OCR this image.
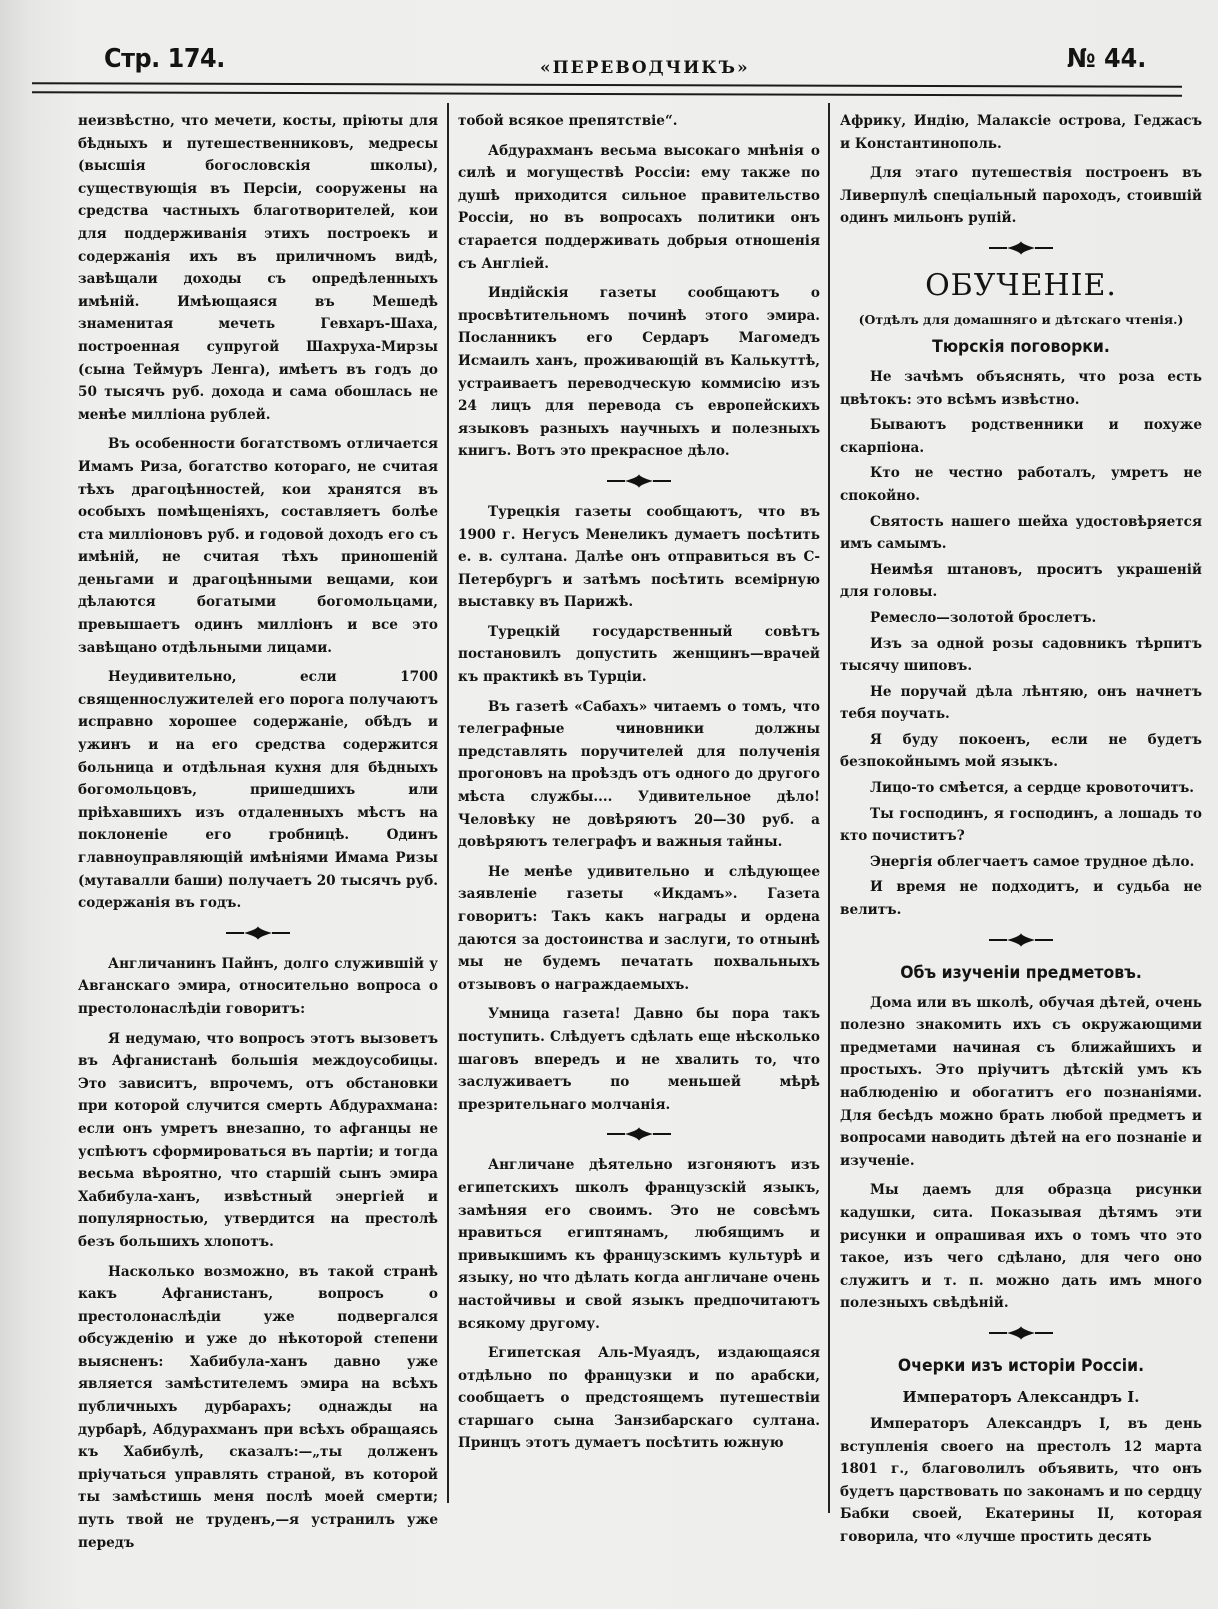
Стр. 174.	«ПЕРЕВОДЧИКЪ»	№ 44.

неизвѣстно, что мечети, косты, пріюты для бѣдныхъ и путешественниковъ, медресы (высшія богословскія школы), существующія въ Персіи, сооружены на средства частныхъ благотворителей, кои для поддерживанія этихъ построекъ и содержанія ихъ въ приличномъ видѣ, завѣщали доходы съ опредѣленныхъ имѣній. Имѣющаяся въ Мешедѣ знаменитая мечеть Гевхаръ-Шаха, построенная супругой Шахруха-Мирзы (сына Теймуръ Ленга), имѣетъ въ годъ до 50 тысячъ руб. дохода и сама обошлась не менѣе милліона рублей.

Въ особенности богатствомъ отличается Имамъ Риза, богатство котораго, не считая тѣхъ драгоцѣнностей, кои хранятся въ особыхъ помѣщеніяхъ, составляетъ болѣе ста милліоновъ руб. и годовой доходъ его съ имѣній, не считая тѣхъ приношеній деньгами и драгоцѣнными вещами, кои дѣлаются богатыми богомольцами, превышаетъ одинъ милліонъ и все это завѣщано отдѣльными лицами.

Неудивительно, если 1700 священнослужителей его порога получаютъ исправно хорошее содержаніе, обѣдъ и ужинъ и на его средства содержится больница и отдѣльная кухня для бѣдныхъ богомольцовъ, пришедшихъ или пріѣхавшихъ изъ отдаленныхъ мѣстъ на поклоненіе его гробницѣ. Одинъ главноуправляющій имѣніями Имама Ризы (мутавалли баши) получаетъ 20 тысячъ руб. содержанія въ годъ.

Англичанинъ Пайнъ, долго служившій у Авганскаго эмира, относительно вопроса о престолонаслѣдіи говоритъ:

Я недумаю, что вопросъ этотъ вызоветъ въ Афганистанѣ большія междоусобицы. Это зависитъ, впрочемъ, отъ обстановки при которой случится смерть Абдурахмана: если онъ умретъ внезапно, то афганцы не успѣютъ сформироваться въ партіи; и тогда весьма вѣроятно, что старшій сынъ эмира Хабибула-ханъ, извѣстный энергіей и популярностью, утвердится на престолѣ безъ большихъ хлопотъ.

Насколько возможно, въ такой странѣ какъ Афганистанъ, вопросъ о престолонаслѣдіи уже подвергался обсужденію и уже до нѣкоторой степени выясненъ: Хабибула-ханъ давно уже является замѣстителемъ эмира на всѣхъ публичныхъ дурбарахъ; однажды на дурбарѣ, Абдурахманъ при всѣхъ обращаясь къ Хабибулѣ, сказалъ:—„ты долженъ пріучаться управлять страной, въ которой ты замѣстишь меня послѣ моей смерти; путь твой не труденъ,—я устранилъ уже передъ

тобой всякое препятствіе“.

Абдурахманъ весьма высокаго мнѣнія о силѣ и могуществѣ Россіи: ему также по душѣ приходится сильное правительство Россіи, но въ вопросахъ политики онъ старается поддерживать добрыя отношенія съ Англіей.

Индійскія газеты сообщаютъ о просвѣтительномъ починѣ этого эмира. Посланникъ его Сердаръ Магомедъ Исмаилъ ханъ, проживающій въ Калькуттѣ, устраиваетъ переводческую коммисію изъ 24 лицъ для перевода съ европейскихъ языковъ разныхъ научныхъ и полезныхъ книгъ. Вотъ это прекрасное дѣло.

Турецкія газеты сообщаютъ, что въ 1900 г. Негусъ Менеликъ думаетъ посѣтить е. в. султана. Далѣе онъ отправиться въ С-Петербургъ и затѣмъ посѣтить всемірную выставку въ Парижѣ.

Турецкій государственный совѣтъ постановилъ допустить женщинъ—врачей къ практикѣ въ Турціи.

Въ газетѣ «Сабахъ» читаемъ о томъ, что телеграфные чиновники должны представлять поручителей для полученія прогоновъ на проѣздъ отъ одного до другого мѣста службы.... Удивительное дѣло! Человѣку не довѣряютъ 20—30 руб. а довѣряютъ телеграфъ и важныя тайны.

Не менѣе удивительно и слѣдующее заявленіе газеты «Икдамъ». Газета говоритъ: Такъ какъ награды и ордена даются за достоинства и заслуги, то отнынѣ мы не будемъ печатать похвальныхъ отзывовъ о награждаемыхъ.

Умница газета! Давно бы пора такъ поступить. Слѣдуетъ сдѣлать еще нѣсколько шаговъ впередъ и не хвалить то, что заслуживаетъ по меньшей мѣрѣ презрительнаго молчанія.

Англичане дѣятельно изгоняютъ изъ египетскихъ школъ французскій языкъ, замѣняя его своимъ. Это не совсѣмъ нравиться египтянамъ, любящимъ и привыкшимъ къ французскимъ культурѣ и языку, но что дѣлать когда англичане очень настойчивы и свой языкъ предпочитаютъ всякому другому.

Египетская Аль-Муаядъ, издающаяся отдѣльно по французки и по арабски, сообщаетъ о предстоящемъ путешествіи старшаго сына Занзибарскаго султана. Принцъ этотъ думаетъ посѣтить южную

Африку, Индію, Малаксіе острова, Геджасъ и Константинополь.

Для этаго путешествія построенъ въ Ливерпулѣ спеціальный пароходъ, стоившій одинъ мильонъ рупій.

ОБУЧЕНІЕ.
(Отдѣлъ для домашняго и дѣтскаго чтенія.)
Тюрскія поговорки.

Не зачѣмъ объяснять, что роза есть цвѣтокъ: это всѣмъ извѣстно.

Бываютъ родственники и похуже скарпіона.

Кто не честно работалъ, умретъ не спокойно.

Святость нашего шейха удостовѣряется имъ самымъ.

Неимѣя штановъ, проситъ украшеній для головы.

Ремесло—золотой брослетъ.

Изъ за одной розы садовникъ тѣрпитъ тысячу шиповъ.

Не поручай дѣла лѣнтяю, онъ начнетъ тебя поучать.

Я буду покоенъ, если не будетъ безпокойнымъ мой языкъ.

Лицо-то смѣется, а сердце кровоточитъ.

Ты господинъ, я господинъ, а лошадь то кто почиститъ?

Энергія облегчаетъ самое трудное дѣло.

И время не подходитъ, и судьба не велитъ.

Объ изученіи предметовъ.

Дома или въ школѣ, обучая дѣтей, очень полезно знакомить ихъ съ окружающими предметами начиная съ ближайшихъ и простыхъ. Это пріучитъ дѣтскій умъ къ наблюденію и обогатитъ его познаніями. Для бесѣдъ можно брать любой предметъ и вопросами наводить дѣтей на его познаніе и изученіе.

Мы даемъ для образца рисунки кадушки, сита. Показывая дѣтямъ эти рисунки и опрашивая ихъ о томъ что это такое, изъ чего сдѣлано, для чего оно служитъ и т. п. можно дать имъ много полезныхъ свѣдѣній.

Очерки изъ исторіи Россіи.
Императоръ Александръ I.

Императоръ Александръ I, въ день вступленія своего на престолъ 12 марта 1801 г., благоволилъ объявить, что онъ будетъ царствовать по законамъ и по сердцу Бабки своей, Екатерины II, которая говорила, что «лучше простить десять
